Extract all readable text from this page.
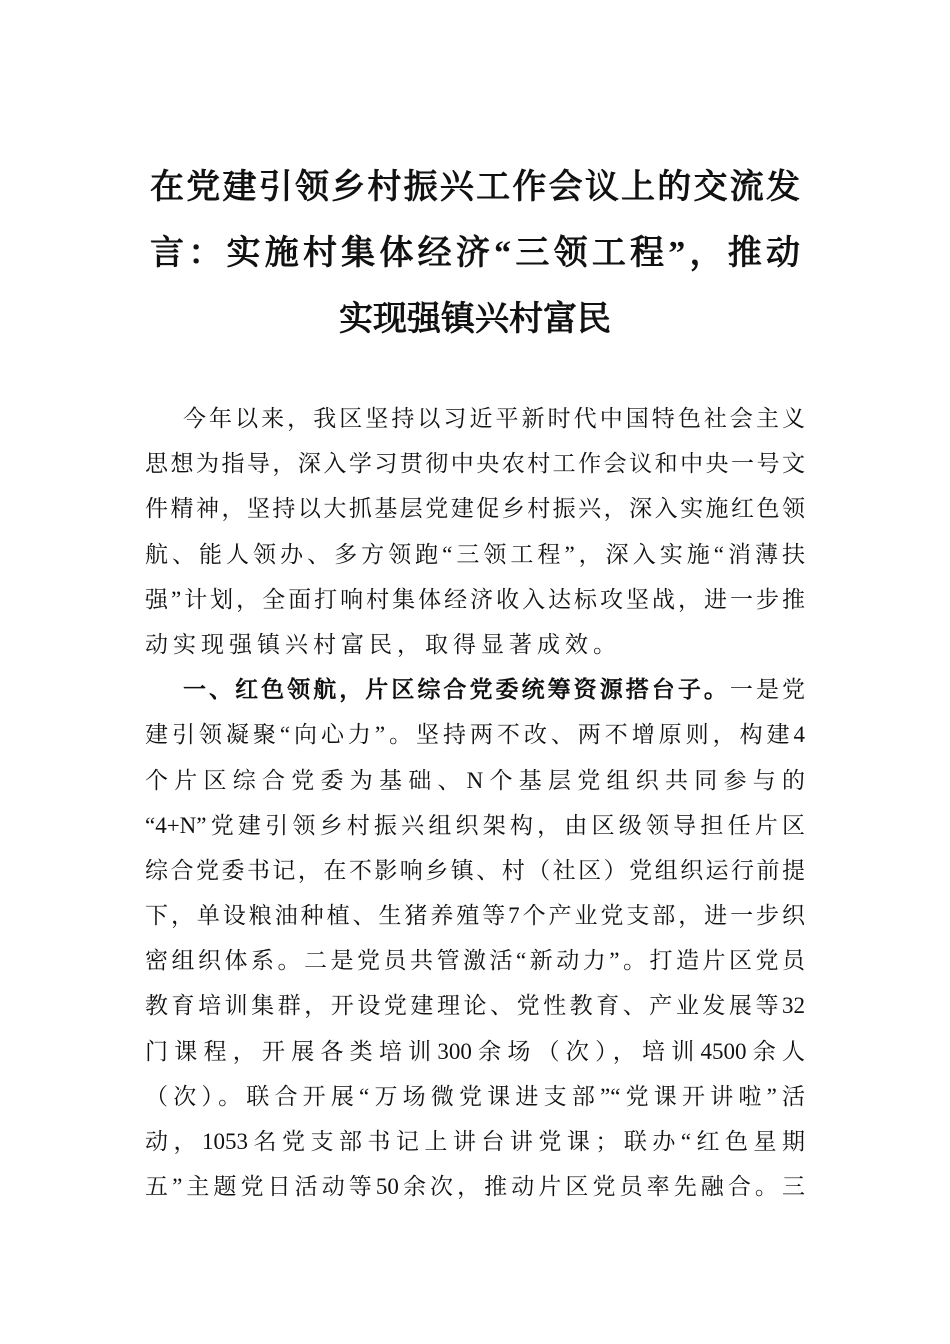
在党建引领乡村振兴工作会议上的交流发
言：实施村集体经济“三领工程”，推动
实现强镇兴村富民
今年以来，我区坚持以习近平新时代中国特色社会主义
思想为指导，深入学习贯彻中央农村工作会议和中央一号文
件精神，坚持以大抓基层党建促乡村振兴，深入实施红色领
航、能人领办、多方领跑“三领工程”，深入实施“消薄扶
强”计划，全面打响村集体经济收入达标攻坚战，进一步推
动实现强镇兴村富民，取得显著成效。
一、红色领航，片区综合党委统筹资源搭台子。一是党
建引领凝聚“向心力”。坚持两不改、两不增原则，构建4
个片区综合党委为基础、N个基层党组织共同参与的
“4+N”党建引领乡村振兴组织架构，由区级领导担任片区
综合党委书记，在不影响乡镇、村（社区）党组织运行前提
下，单设粮油种植、生猪养殖等7个产业党支部，进一步织
密组织体系。二是党员共管激活“新动力”。打造片区党员
教育培训集群，开设党建理论、党性教育、产业发展等32
门课程，开展各类培训300余场（次），培训4500余人
（次）。联合开展“万场微党课进支部”“党课开讲啦”活
动，1053名党支部书记上讲台讲党课；联办“红色星期
五”主题党日活动等50余次，推动片区党员率先融合。三
